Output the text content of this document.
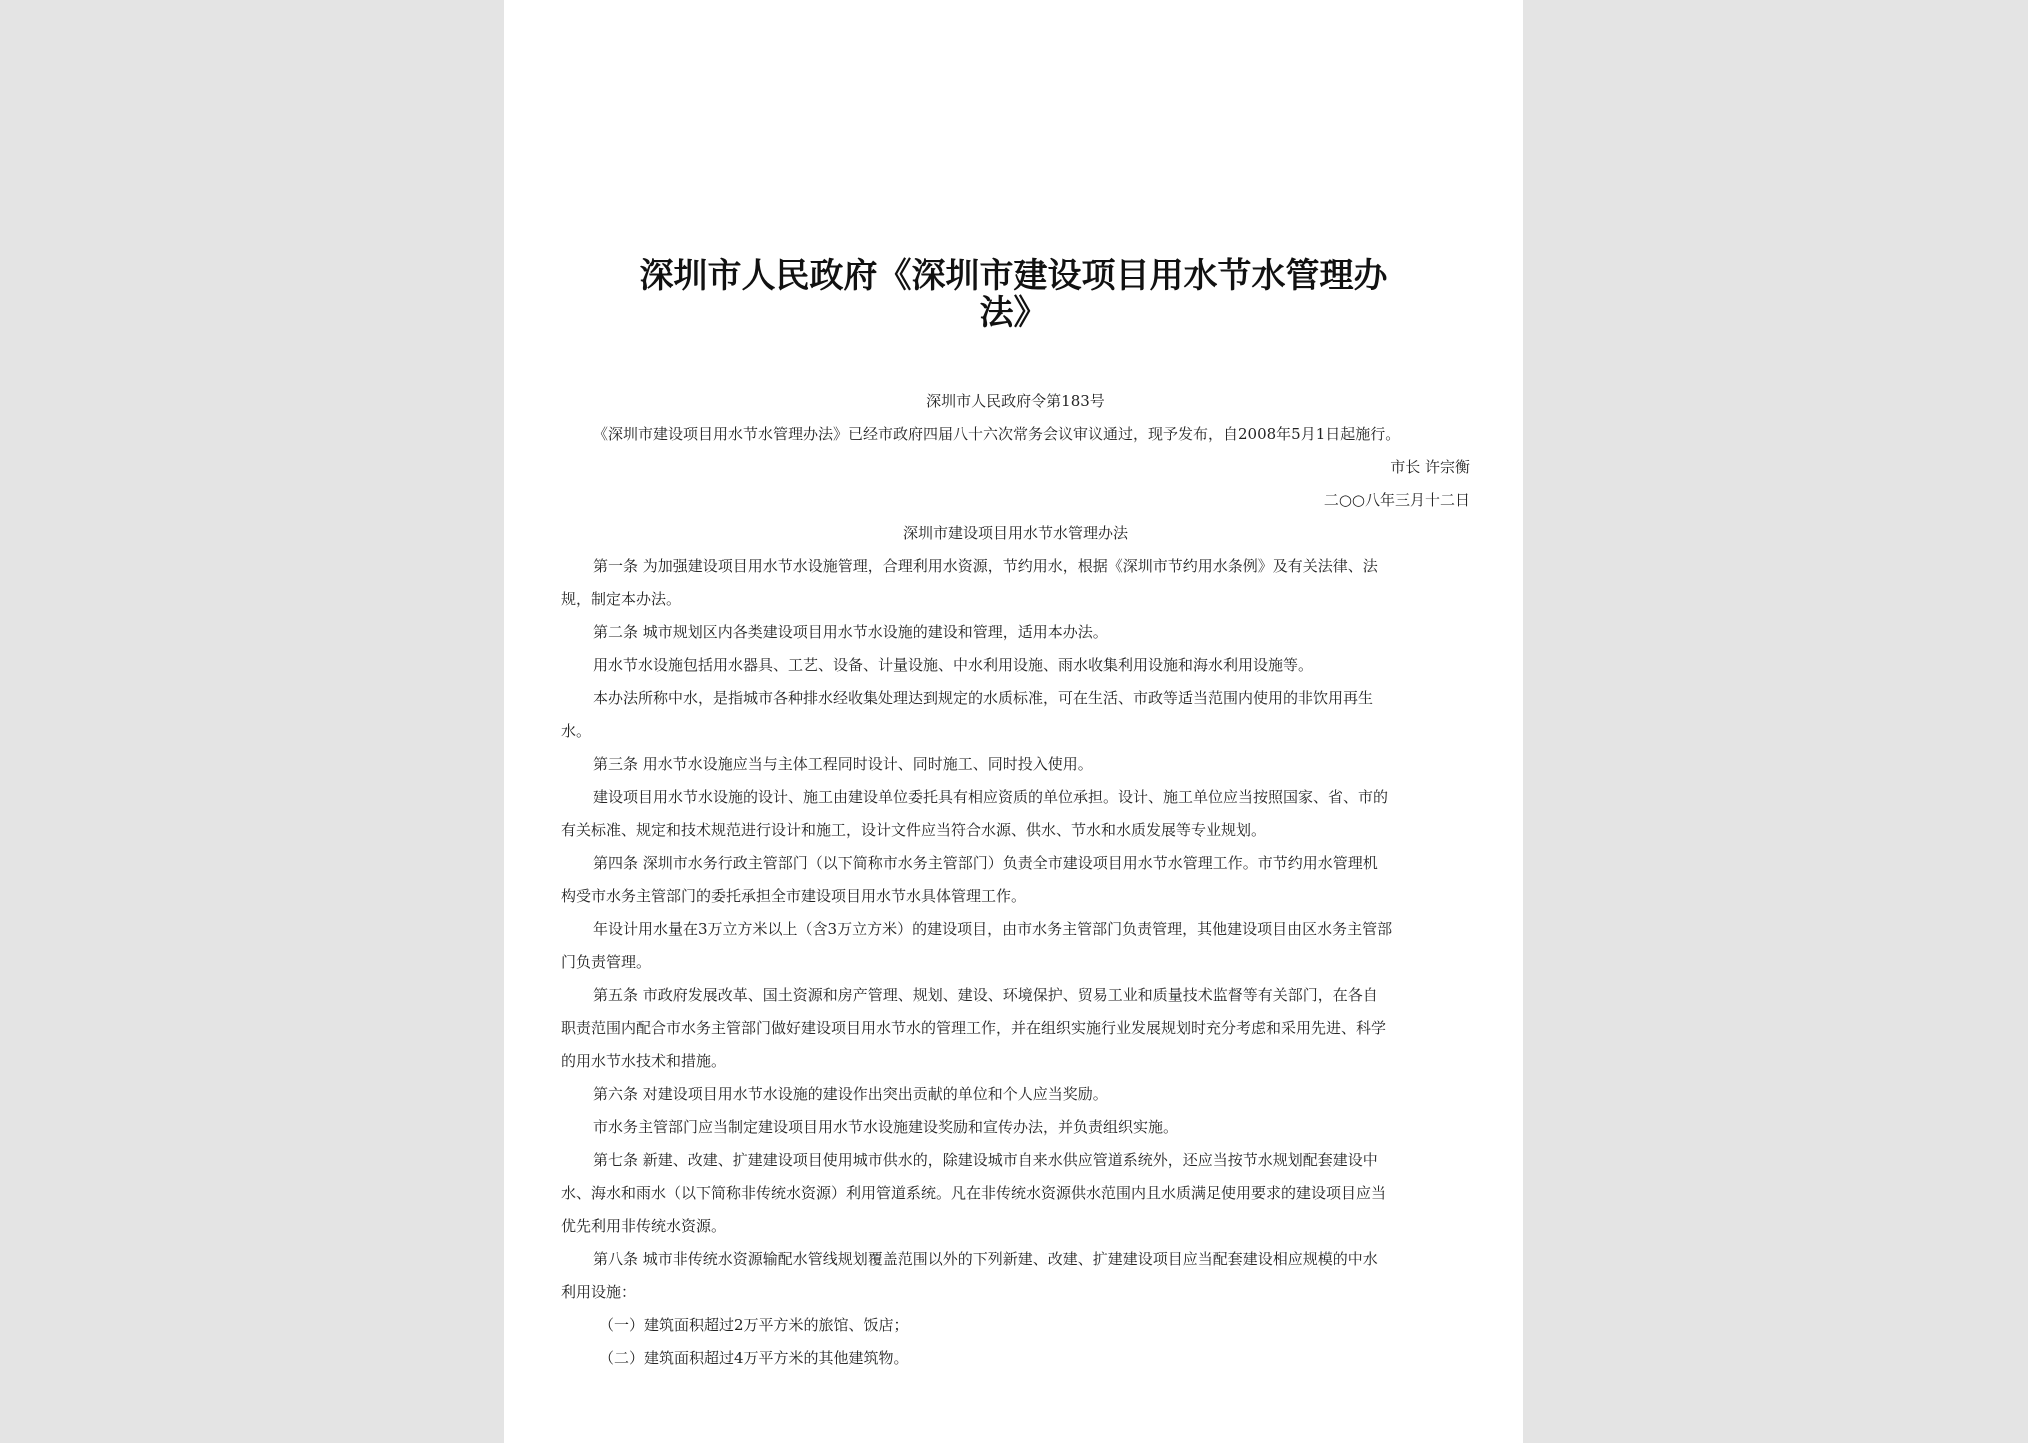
深圳市人民政府《深圳市建设项目用水节水管理办
法》
深圳市人民政府令第183号
《深圳市建设项目用水节水管理办法》已经市政府四届八十六次常务会议审议通过，现予发布，自2008年5月1日起施行。
市长 许宗衡
二○○八年三月十二日
深圳市建设项目用水节水管理办法
第一条 为加强建设项目用水节水设施管理，合理利用水资源，节约用水，根据《深圳市节约用水条例》及有关法律、法
规，制定本办法。
第二条 城市规划区内各类建设项目用水节水设施的建设和管理，适用本办法。
用水节水设施包括用水器具、工艺、设备、计量设施、中水利用设施、雨水收集利用设施和海水利用设施等。
本办法所称中水，是指城市各种排水经收集处理达到规定的水质标准，可在生活、市政等适当范围内使用的非饮用再生
水。
第三条 用水节水设施应当与主体工程同时设计、同时施工、同时投入使用。
建设项目用水节水设施的设计、施工由建设单位委托具有相应资质的单位承担。设计、施工单位应当按照国家、省、市的
有关标准、规定和技术规范进行设计和施工，设计文件应当符合水源、供水、节水和水质发展等专业规划。
第四条 深圳市水务行政主管部门（以下简称市水务主管部门）负责全市建设项目用水节水管理工作。市节约用水管理机
构受市水务主管部门的委托承担全市建设项目用水节水具体管理工作。
年设计用水量在3万立方米以上（含3万立方米）的建设项目，由市水务主管部门负责管理，其他建设项目由区水务主管部
门负责管理。
第五条 市政府发展改革、国土资源和房产管理、规划、建设、环境保护、贸易工业和质量技术监督等有关部门，在各自
职责范围内配合市水务主管部门做好建设项目用水节水的管理工作，并在组织实施行业发展规划时充分考虑和采用先进、科学
的用水节水技术和措施。
第六条 对建设项目用水节水设施的建设作出突出贡献的单位和个人应当奖励。
市水务主管部门应当制定建设项目用水节水设施建设奖励和宣传办法，并负责组织实施。
第七条 新建、改建、扩建建设项目使用城市供水的，除建设城市自来水供应管道系统外，还应当按节水规划配套建设中
水、海水和雨水（以下简称非传统水资源）利用管道系统。凡在非传统水资源供水范围内且水质满足使用要求的建设项目应当
优先利用非传统水资源。
第八条 城市非传统水资源输配水管线规划覆盖范围以外的下列新建、改建、扩建建设项目应当配套建设相应规模的中水
利用设施：
（一）建筑面积超过2万平方米的旅馆、饭店；
（二）建筑面积超过4万平方米的其他建筑物。
